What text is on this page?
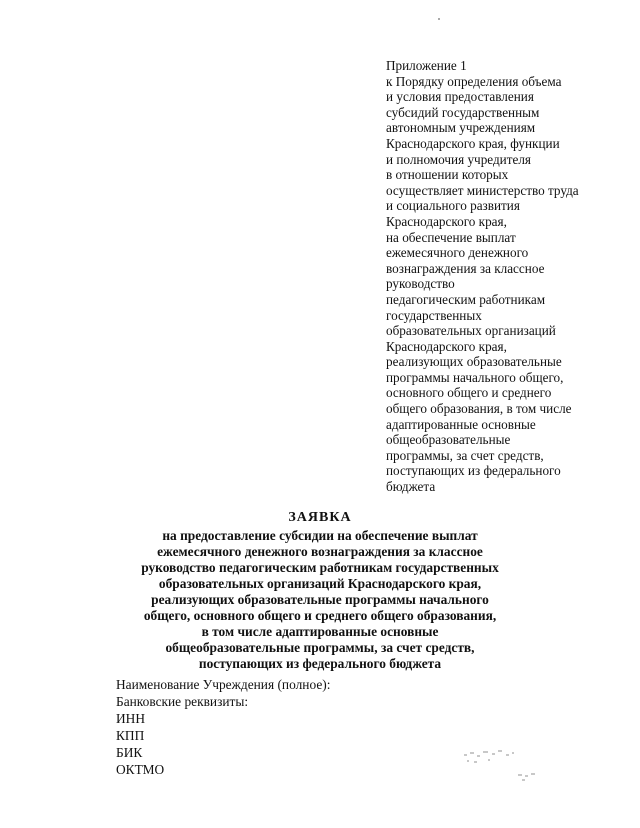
Приложение 1
к Порядку определения объема
и условия предоставления
субсидий государственным
автономным учреждениям
Краснодарского края, функции
и полномочия учредителя
в отношении которых
осуществляет министерство труда
и социального развития
Краснодарского края,
на обеспечение выплат
ежемесячного денежного
вознаграждения за классное
руководство
педагогическим работникам
государственных
образовательных организаций
Краснодарского края,
реализующих образовательные
программы начального общего,
основного общего и среднего
общего образования, в том числе
адаптированные основные
общеобразовательные
программы, за счет средств,
поступающих из федерального
бюджета
ЗАЯВКА
на предоставление субсидии на обеспечение выплат
ежемесячного денежного вознаграждения за классное
руководство педагогическим работникам государственных
образовательных организаций Краснодарского края,
реализующих образовательные программы начального
общего, основного общего и среднего общего образования,
в том числе адаптированные основные
общеобразовательные программы, за счет средств,
поступающих из федерального бюджета
Наименование Учреждения (полное):
Банковские реквизиты:
ИНН
КПП
БИК
ОКТМО
